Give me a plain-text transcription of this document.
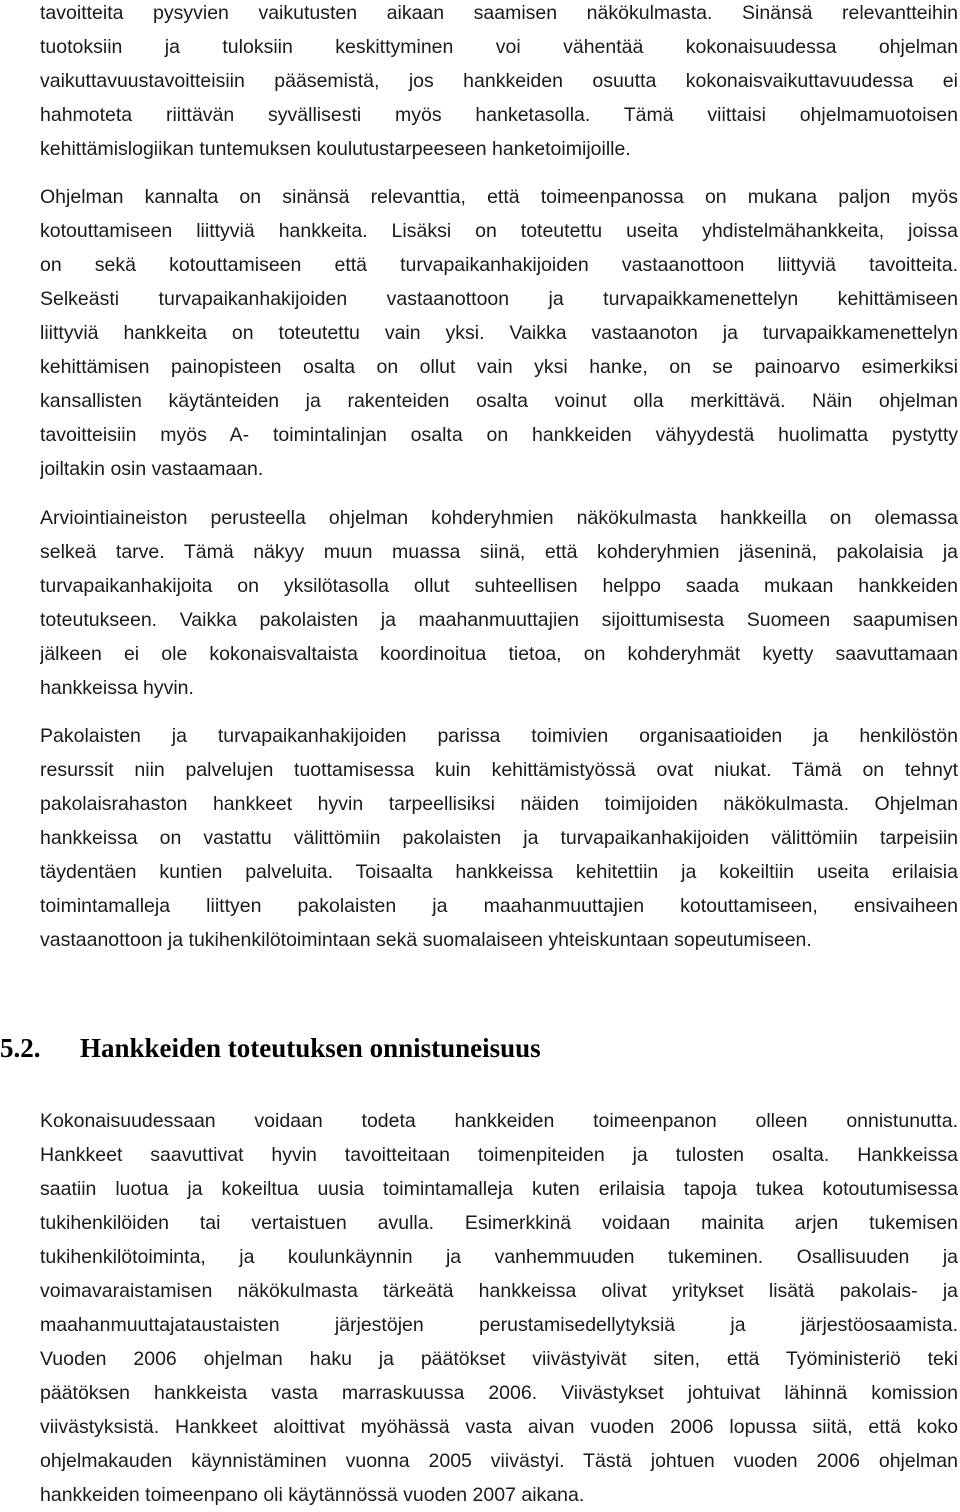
tavoitteita pysyvien vaikutusten aikaan saamisen näkökulmasta. Sinänsä relevantteihin
tuotoksiin ja tuloksiin keskittyminen voi vähentää kokonaisuudessa ohjelman
vaikuttavuustavoitteisiin pääsemistä, jos hankkeiden osuutta kokonaisvaikuttavuudessa ei
hahmoteta riittävän syvällisesti myös hanketasolla. Tämä viittaisi ohjelmamuotoisen
kehittämislogiikan tuntemuksen koulutustarpeeseen hanketoimijoille.
Ohjelman kannalta on sinänsä relevanttia, että toimeenpanossa on mukana paljon myös
kotouttamiseen liittyviä hankkeita. Lisäksi on toteutettu useita yhdistelmähankkeita, joissa
on sekä kotouttamiseen että turvapaikanhakijoiden vastaanottoon liittyviä tavoitteita.
Selkeästi turvapaikanhakijoiden vastaanottoon ja turvapaikkamenettelyn kehittämiseen
liittyviä hankkeita on toteutettu vain yksi. Vaikka vastaanoton ja turvapaikkamenettelyn
kehittämisen painopisteen osalta on ollut vain yksi hanke, on se painoarvo esimerkiksi
kansallisten käytänteiden ja rakenteiden osalta voinut olla merkittävä. Näin ohjelman
tavoitteisiin myös A- toimintalinjan osalta on hankkeiden vähyydestä huolimatta pystytty
joiltakin osin vastaamaan.
Arviointiaineiston perusteella ohjelman kohderyhmien näkökulmasta hankkeilla on olemassa
selkeä tarve. Tämä näkyy muun muassa siinä, että kohderyhmien jäseninä, pakolaisia ja
turvapaikanhakijoita on yksilötasolla ollut suhteellisen helppo saada mukaan hankkeiden
toteutukseen. Vaikka pakolaisten ja maahanmuuttajien sijoittumisesta Suomeen saapumisen
jälkeen ei ole kokonaisvaltaista koordinoitua tietoa, on kohderyhmät kyetty saavuttamaan
hankkeissa hyvin.
Pakolaisten ja turvapaikanhakijoiden parissa toimivien organisaatioiden ja henkilöstön
resurssit niin palvelujen tuottamisessa kuin kehittämistyössä ovat niukat. Tämä on tehnyt
pakolaisrahaston hankkeet hyvin tarpeellisiksi näiden toimijoiden näkökulmasta. Ohjelman
hankkeissa on vastattu välittömiin pakolaisten ja turvapaikanhakijoiden välittömiin tarpeisiin
täydentäen kuntien palveluita. Toisaalta hankkeissa kehitettiin ja kokeiltiin useita erilaisia
toimintamalleja liittyen pakolaisten ja maahanmuuttajien kotouttamiseen, ensivaiheen
vastaanottoon ja tukihenkilötoimintaan sekä suomalaiseen yhteiskuntaan sopeutumiseen.
5.2. Hankkeiden toteutuksen onnistuneisuus
Kokonaisuudessaan voidaan todeta hankkeiden toimeenpanon olleen onnistunutta.
Hankkeet saavuttivat hyvin tavoitteitaan toimenpiteiden ja tulosten osalta. Hankkeissa
saatiin luotua ja kokeiltua uusia toimintamalleja kuten erilaisia tapoja tukea kotoutumisessa
tukihenkilöiden tai vertaistuen avulla. Esimerkkinä voidaan mainita arjen tukemisen
tukihenkilötoiminta, ja koulunkäynnin ja vanhemmuuden tukeminen. Osallisuuden ja
voimavaraistamisen näkökulmasta tärkeätä hankkeissa olivat yritykset lisätä pakolais- ja
maahanmuuttajataustaisten järjestöjen perustamisedellytyksiä ja järjestöosaamista.
Vuoden 2006 ohjelman haku ja päätökset viivästyivät siten, että Työministeriö teki
päätöksen hankkeista vasta marraskuussa 2006. Viivästykset johtuivat lähinnä komission
viivästyksistä. Hankkeet aloittivat myöhässä vasta aivan vuoden 2006 lopussa siitä, että koko
ohjelmakauden käynnistäminen vuonna 2005 viivästyi. Tästä johtuen vuoden 2006 ohjelman
hankkeiden toimeenpano oli käytännössä vuoden 2007 aikana.
